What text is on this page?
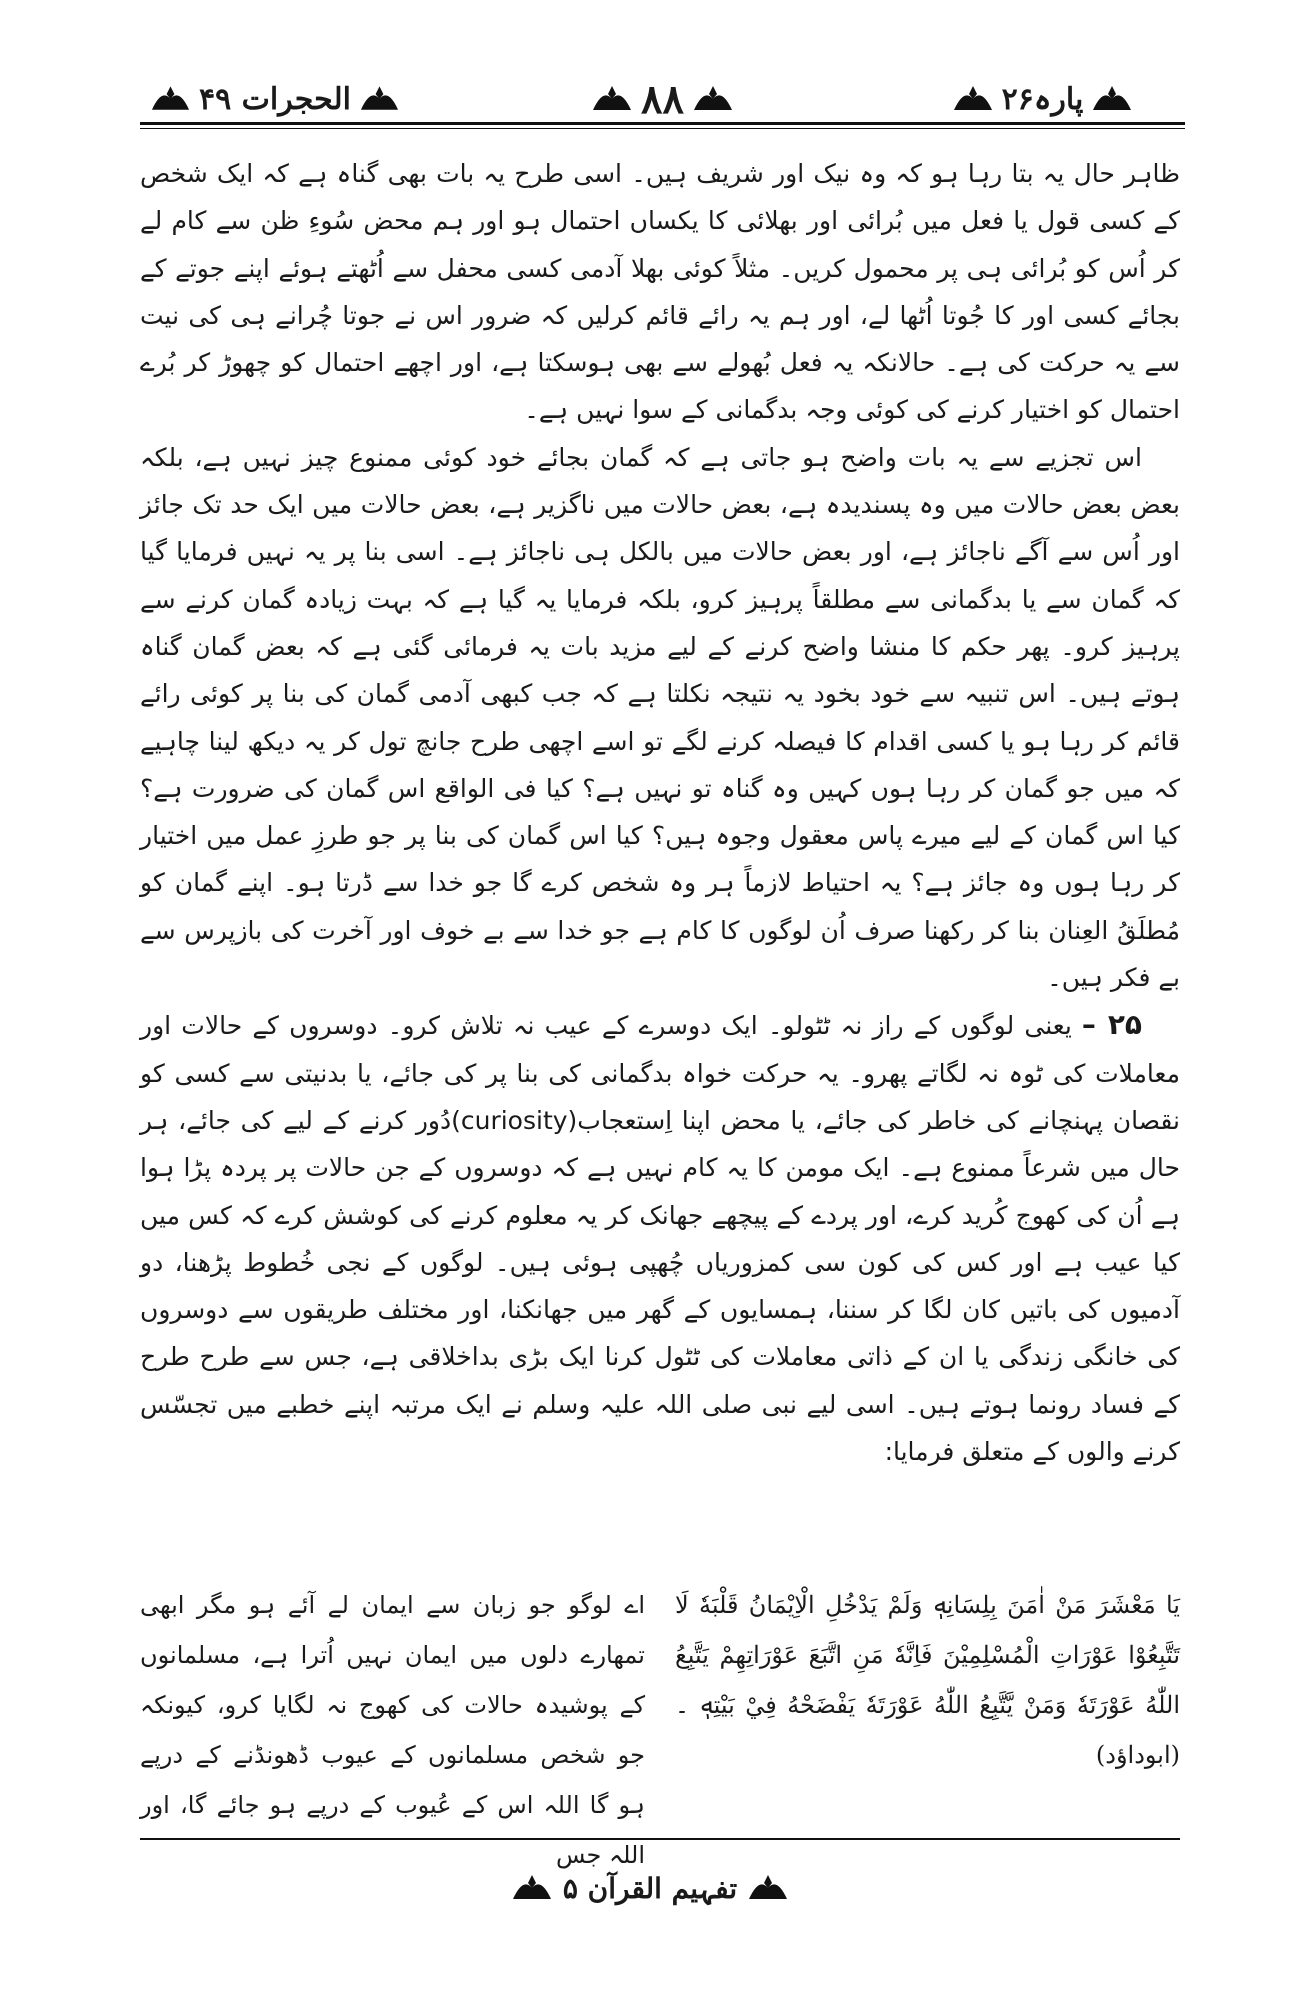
الحجرات ۴۹	۸۸	پارہ۲۶

ظاہر حال یہ بتا رہا ہو کہ وہ نیک اور شریف ہیں۔ اسی طرح یہ بات بھی گناہ ہے کہ ایک شخص کے کسی قول یا فعل میں بُرائی اور بھلائی کا یکساں احتمال ہو اور ہم محض سُوءِ ظن سے کام لے کر اُس کو بُرائی ہی پر محمول کریں۔ مثلاً کوئی بھلا آدمی کسی محفل سے اُٹھتے ہوئے اپنے جوتے کے بجائے کسی اور کا جُوتا اُٹھا لے، اور ہم یہ رائے قائم کرلیں کہ ضرور اس نے جوتا چُرانے ہی کی نیت سے یہ حرکت کی ہے۔ حالانکہ یہ فعل بُھولے سے بھی ہوسکتا ہے، اور اچھے احتمال کو چھوڑ کر بُرے احتمال کو اختیار کرنے کی کوئی وجہ بدگمانی کے سوا نہیں ہے۔

اس تجزیے سے یہ بات واضح ہو جاتی ہے کہ گمان بجائے خود کوئی ممنوع چیز نہیں ہے، بلکہ بعض بعض حالات میں وہ پسندیدہ ہے، بعض حالات میں ناگزیر ہے، بعض حالات میں ایک حد تک جائز اور اُس سے آگے ناجائز ہے، اور بعض حالات میں بالکل ہی ناجائز ہے۔ اسی بنا پر یہ نہیں فرمایا گیا کہ گمان سے یا بدگمانی سے مطلقاً پرہیز کرو، بلکہ فرمایا یہ گیا ہے کہ بہت زیادہ گمان کرنے سے پرہیز کرو۔ پھر حکم کا منشا واضح کرنے کے لیے مزید بات یہ فرمائی گئی ہے کہ بعض گمان گناہ ہوتے ہیں۔ اس تنبیہ سے خود بخود یہ نتیجہ نکلتا ہے کہ جب کبھی آدمی گمان کی بنا پر کوئی رائے قائم کر رہا ہو یا کسی اقدام کا فیصلہ کرنے لگے تو اسے اچھی طرح جانچ تول کر یہ دیکھ لینا چاہیے کہ میں جو گمان کر رہا ہوں کہیں وہ گناہ تو نہیں ہے؟ کیا فی الواقع اس گمان کی ضرورت ہے؟ کیا اس گمان کے لیے میرے پاس معقول وجوہ ہیں؟ کیا اس گمان کی بنا پر جو طرزِ عمل میں اختیار کر رہا ہوں وہ جائز ہے؟ یہ احتیاط لازماً ہر وہ شخص کرے گا جو خدا سے ڈرتا ہو۔ اپنے گمان کو مُطلَقُ العِنان بنا کر رکھنا صرف اُن لوگوں کا کام ہے جو خدا سے بے خوف اور آخرت کی بازپرس سے بے فکر ہیں۔

۲۵ –یعنی لوگوں کے راز نہ ٹٹولو۔ ایک دوسرے کے عیب نہ تلاش کرو۔ دوسروں کے حالات اور معاملات کی ٹوہ نہ لگاتے پھرو۔ یہ حرکت خواہ بدگمانی کی بنا پر کی جائے، یا بدنیتی سے کسی کو نقصان پہنچانے کی خاطر کی جائے، یا محض اپنا اِستعجاب(curiosity)دُور کرنے کے لیے کی جائے، ہر حال میں شرعاً ممنوع ہے۔ ایک مومن کا یہ کام نہیں ہے کہ دوسروں کے جن حالات پر پردہ پڑا ہوا ہے اُن کی کھوج کُرید کرے، اور پردے کے پیچھے جھانک کر یہ معلوم کرنے کی کوشش کرے کہ کس میں کیا عیب ہے اور کس کی کون سی کمزوریاں چُھپی ہوئی ہیں۔ لوگوں کے نجی خُطوط پڑھنا، دو آدمیوں کی باتیں کان لگا کر سننا، ہمسایوں کے گھر میں جھانکنا، اور مختلف طریقوں سے دوسروں کی خانگی زندگی یا ان کے ذاتی معاملات کی ٹٹول کرنا ایک بڑی بداخلاقی ہے، جس سے طرح طرح کے فساد رونما ہوتے ہیں۔ اسی لیے نبی صلی اللہ علیہ وسلم نے ایک مرتبہ اپنے خطبے میں تجسّس کرنے والوں کے متعلق فرمایا:

يَا مَعْشَرَ مَنْ اٰمَنَ بِلِسَانِهٖ وَلَمْ يَدْخُلِ الْاِيْمَانُ قَلْبَهٗ لَا تَتَّبِعُوْا عَوْرَاتِ الْمُسْلِمِيْنَ فَاِنَّهٗ مَنِ اتَّبَعَ عَوْرَاتِهِمْ يَتَّبِعُ اللّٰهُ عَوْرَتَهٗ وَمَنْ يَّتَّبِعُ اللّٰهُ عَوْرَتَهٗ يَفْضَحْهُ فِيْ بَيْتِهٖ ۔ (ابوداؤد)
اے لوگو جو زبان سے ایمان لے آئے ہو مگر ابھی تمھارے دلوں میں ایمان نہیں اُترا ہے، مسلمانوں کے پوشیدہ حالات کی کھوج نہ لگایا کرو، کیونکہ جو شخص مسلمانوں کے عیوب ڈھونڈنے کے درپے ہو گا اللہ اس کے عُیوب کے درپے ہو جائے گا، اور اللہ جس
تفہیم القرآن ۵
